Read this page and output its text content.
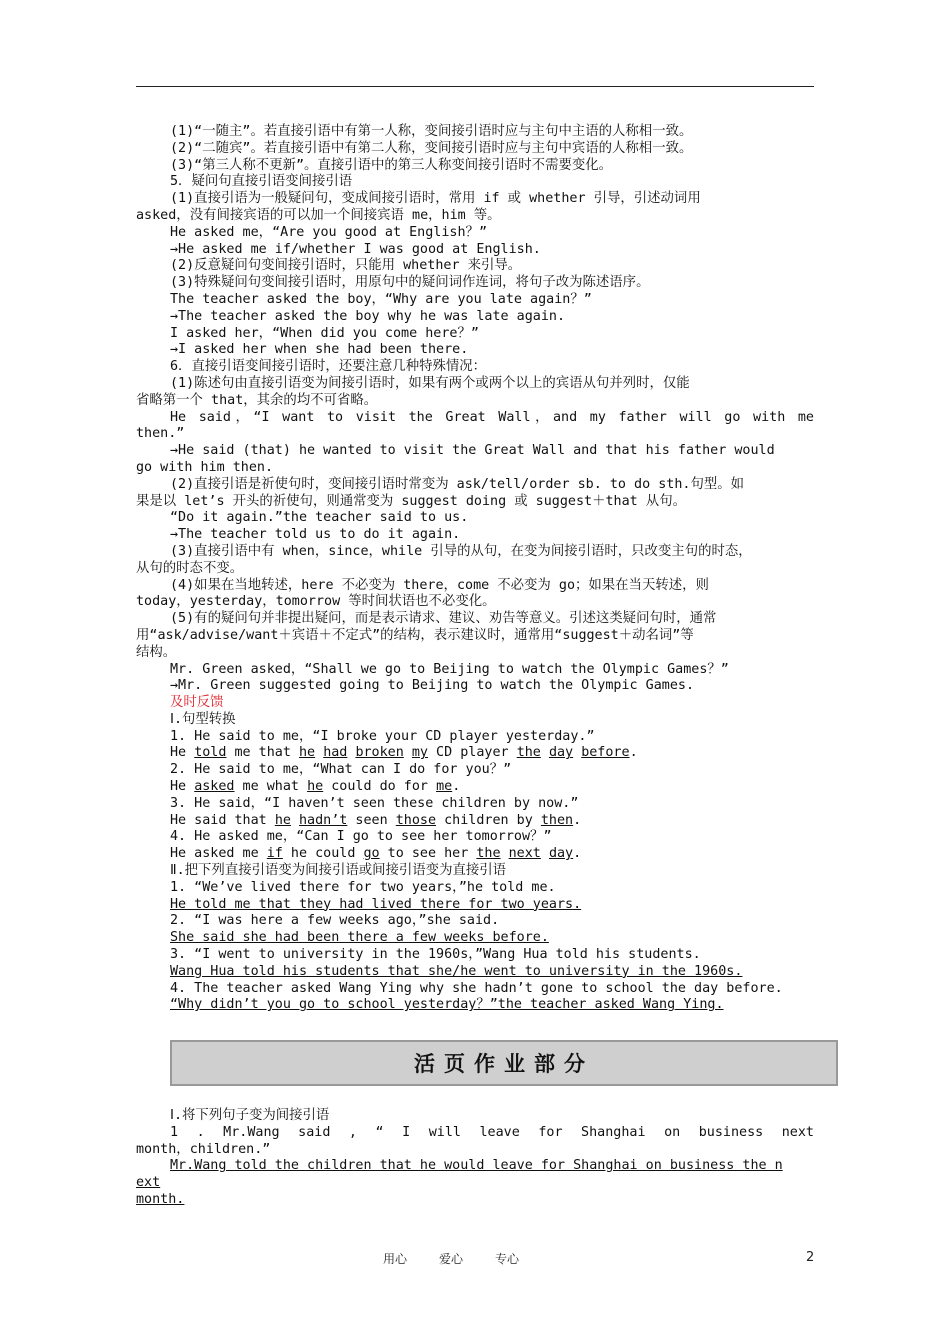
(1)“一随主”。若直接引语中有第一人称，变间接引语时应与主句中主语的人称相一致。
(2)“二随宾”。若直接引语中有第二人称，变间接引语时应与主句中宾语的人称相一致。
(3)“第三人称不更新”。直接引语中的第三人称变间接引语时不需要变化。
5．疑问句直接引语变间接引语
(1)直接引语为一般疑问句，变成间接引语时，常用 if 或 whether 引导，引述动词用
asked，没有间接宾语的可以加一个间接宾语 me，him 等。
He asked me，“Are you good at English？”
→He asked me if/whether I was good at English.
(2)反意疑问句变间接引语时，只能用 whether 来引导。
(3)特殊疑问句变间接引语时，用原句中的疑问词作连词，将句子改为陈述语序。
The teacher asked the boy，“Why are you late again？”
→The teacher asked the boy why he was late again.
I asked her，“When did you come here？”
→I asked her when she had been there.
6．直接引语变间接引语时，还要注意几种特殊情况：
(1)陈述句由直接引语变为间接引语时，如果有两个或两个以上的宾语从句并列时，仅能
省略第一个 that，其余的均不可省略。
He said，“I want to visit the Great Wall，and my father will go with me
then.”
→He said (that) he wanted to visit the Great Wall and that his father would
go with him then.
(2)直接引语是祈使句时，变间接引语时常变为 ask/tell/order sb. to do sth.句型。如
果是以 let’s 开头的祈使句，则通常变为 suggest doing 或 suggest＋that 从句。
“Do it again.”the teacher said to us.
→The teacher told us to do it again.
(3)直接引语中有 when，since，while 引导的从句，在变为间接引语时，只改变主句的时态，
从句的时态不变。
(4)如果在当地转述，here 不必变为 there，come 不必变为 go；如果在当天转述，则
today，yesterday，tomorrow 等时间状语也不必变化。
(5)有的疑问句并非提出疑问，而是表示请求、建议、劝告等意义。引述这类疑问句时，通常
用“ask/advise/want＋宾语＋不定式”的结构，表示建议时，通常用“suggest＋动名词”等
结构。
Mr. Green asked，“Shall we go to Beijing to watch the Olympic Games？”
→Mr. Green suggested going to Beijing to watch the Olympic Games.
及时反馈
Ⅰ.句型转换
1. He said to me，“I broke your CD player yesterday.”
He told me that he had broken my CD player the day before.
2. He said to me，“What can I do for you？”
He asked me what he could do for me.
3. He said，“I haven’t seen these children by now.”
He said that he hadn’t seen those children by then.
4. He asked me，“Can I go to see her tomorrow？”
He asked me if he could go to see her the next day.
Ⅱ.把下列直接引语变为间接引语或间接引语变为直接引语
1. “We’ve lived there for two years，”he told me.
He told me that they had lived there for two years.
2. “I was here a few weeks ago，”she said.
She said she had been there a few weeks before.
3. “I went to university in the 1960s，”Wang Hua told his students.
Wang Hua told his students that she/he went to university in the 1960s.
4. The teacher asked Wang Ying why she hadn’t gone to school the day before.
“Why didn’t you go to school yesterday？”the teacher asked Wang Ying.
活页作业部分
Ⅰ.将下列句子变为间接引语
1 . Mr.Wang said , “ I will leave for Shanghai on business next
month，children.”
Mr.Wang told the children that he would leave for Shanghai on business the n
ext
month.
用心	爱心	专心	2
